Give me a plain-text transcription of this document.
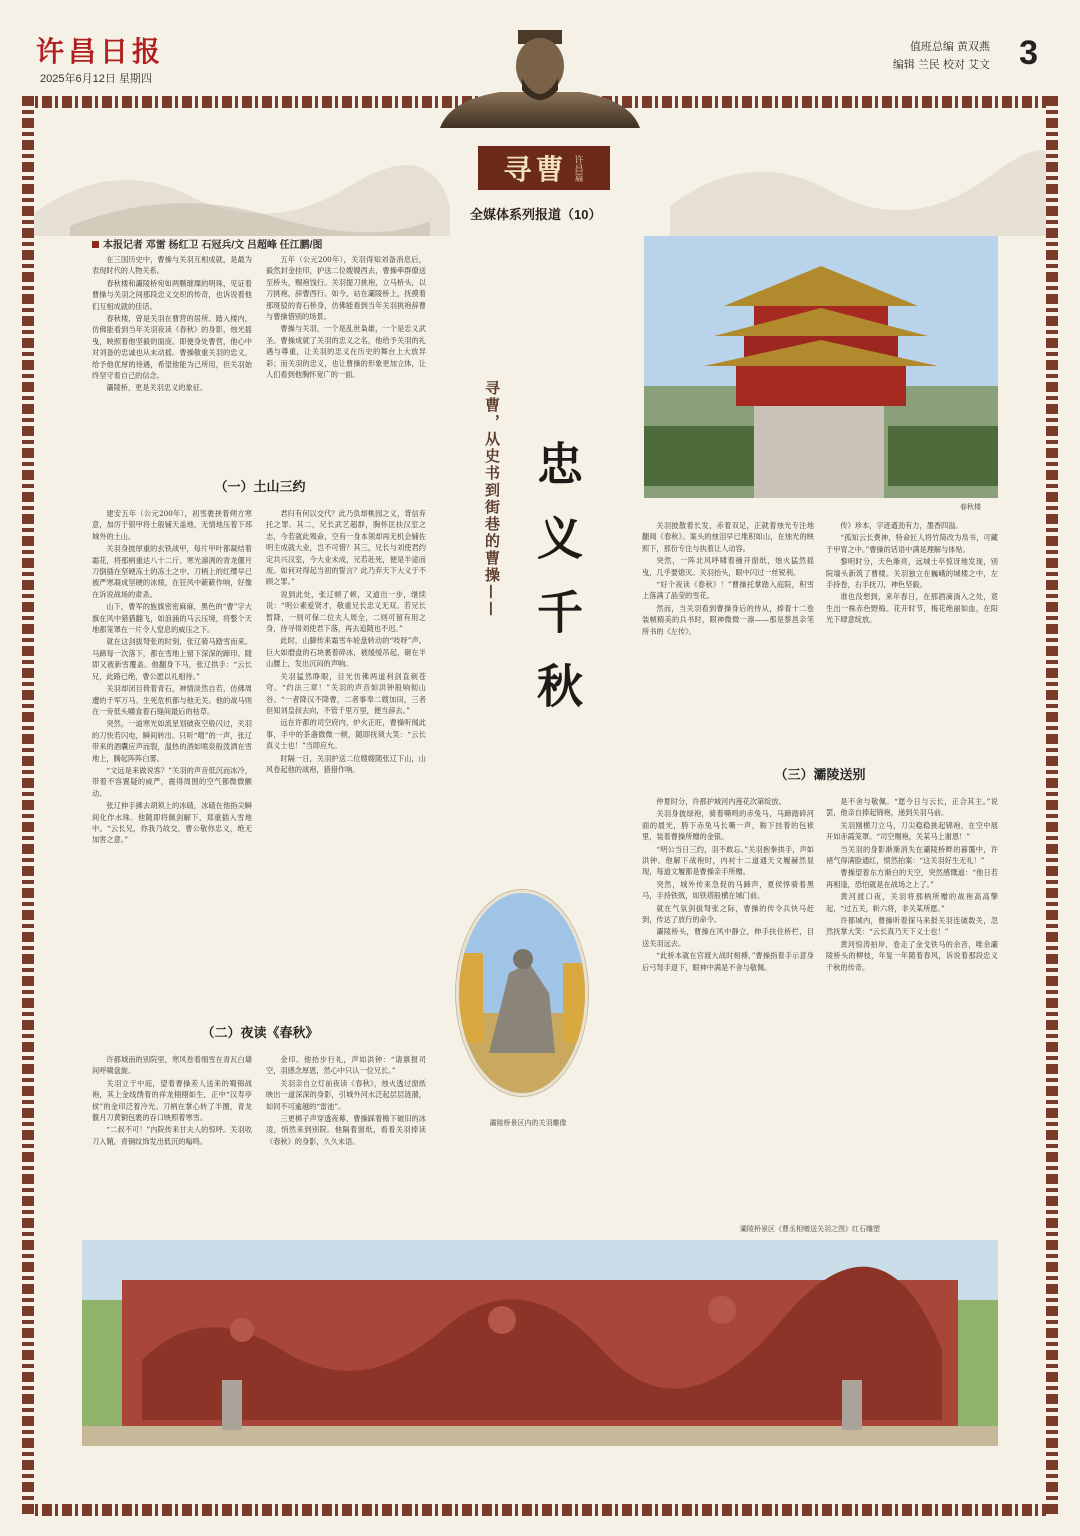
许昌日报
2025年6月12日 星期四
值班总编 黄双燕
编辑 兰民 校对 艾文 3
寻曹 许昌篇
全媒体系列报道（10）
本报记者 邓雷 杨红卫 石冠兵/文 吕超峰 任江鹏/图

在三国历史中，曹操与关羽互相成就，是最为表现时代的人物关系。

春秋楼和灞陵桥宛如两颗璀璨的明珠，见证着曹操与关羽之间那段忠义交织的传奇，也诉说着他们互相成就的佳话。

春秋楼，曾是关羽在曹营的居所。踏入楼内，仿佛能看到当年关羽夜读《春秋》的身影，烛光摇曳，映照着他坚毅的面庞。即便身处曹营，他心中对刘备的忠诚也从未动摇。曹操敬重关羽的忠义，给予他优厚的待遇，希望他能为己所用，但关羽始终坚守着自己的信念。

灞陵桥，更是关羽忠义的象征。

五年（公元200年），关羽得知刘备消息后，毅然封金挂印，护送二位嫂嫂西去，曹操率群僚送至桥头，赐袍饯行。关羽提刀挑袍，立马桥头，以刀挑袍，辞曹西行。如今，站在灞陵桥上，抚摸着那斑驳的青石桥身，仿佛能看到当年关羽挑袍辞曹与曹操惜别的场景。

曹操与关羽，一个是乱世枭雄，一个是忠义武圣。曹操成就了关羽的忠义之名，他给予关羽的礼遇与尊重，让关羽的忠义在历史的舞台上大放异彩；而关羽的忠义，也让曹操的形象更加立体，让人们看到他胸怀宽广的一面。

寻曹，从史书到街巷的曹操—— 忠义千秋
（一）土山三约

建安五年（公元200年），初雪裹挟着朔方寒意，加厉于银甲将士般铺天盖地，无情地压着下邳城外的土山。

关羽身披厚重的玄铁战甲，每片甲叶都凝结着霜花，将那柄重达八十二斤、寒光凛冽的青龙偃月刀倒插在坚硬冻土的冻土之中。刀柄上的红缨早已被严寒凝成坚硬的冰棱，在狂风中簌簌作响，好像在诉说战场的肃杀。

山下，曹军的旌旗密密麻麻，黑色的“曹”字大旗在风中猎猎翻飞，如浪涌的马云压境，将整个天地都笼罩在一片令人窒息的威压之下。

就在这剑拔弩张的时刻，张辽骑马踏雪而来。马蹄每一次落下，都在雪地上留下深深的蹄印。随即又被新雪覆盖。他翻身下马，张辽拱手：“云长兄，此路已绝，曹公愿以礼相待。”

关羽却闭目倚着青石，神情淡然自若，仿佛周遭的千军万马、生死危机都与他无关。他的战马则在一旁低头嚼食着石缝间最后的枯草。

突然，一道寒光如流星划破夜空般闪过，关羽的刀快若闪电，瞬间转出。只听“噌”的一声，张辽带来的酒囊应声而裂，温热的酒如喷泉般泼洒在雪地上，腾起阵阵白雾。

“文远是来做说客？”关羽的声音低沉而冰冷，带着不容置疑的威严，震得周围的空气都微微颤动。

张辽伸手拂去胡须上的冰碴，冰碴在他指尖瞬间化作水珠。他随即将佩剑解下，郑重插入雪地中。“云长兄，你我乃故交，曹公敬你忠义，绝无加害之意。”

君归有何以交代？此乃负却桃园之义，背信弃托之罪。其二，兄长武艺超群，胸怀匡扶汉室之志，今若就此殒命，空有一身本领却再无机会辅佐明主成就大业，岂不可惜？其三，兄长与刘使君约定共兴汉室，今大业未成，兄若赴死，便是半途而废。如何对得起当初的誓言？此乃弃天下大义于不顾之罪。”

说到此处，张辽顿了顿，又道出一步，继续说：“明公素爱贤才，敬重兄长忠义无双。若兄长暂降，一则可保二位夫人周全，二则可留有用之身，待寻得刘使君下落，再去追随也不迟。”

此时，山脚传来霜雪车轮盘转动的“吱呀”声。巨大如磨盘的石块裹着碎冰，被缓缓吊起，砸在半山腰上，发出沉闷的声响。

关羽猛然睁眼，目光仿佛两道利剑直刺苍穹。“约法三章！”关羽的声音如洪钟般响彻山谷。“一者降汉不降曹，二者事奉二嫂加田，三者但知刘皇叔去向，不管千里万里，便当辞去。”

远在许都的司空府内，炉火正旺，曹操听闻此事，手中的茶盏微微一顿，随即抚须大笑：“云长真义士也！”当即应允。

时隔一日，关羽护送二位嫂嫂随张辽下山，山风卷起他的战袍，猎猎作响。

（二）夜读《春秋》

许都城南的别院里，寒风卷着细雪在青瓦白墙间呼啸盘旋。

关羽立于中庭，望着曹操差人送来的蜀锦战袍，其上金线绣着的祥龙栩栩如生，正中“汉寿亭侯”的金印泛着冷光。刀柄在掌心转了半圈，青龙偃月刀黄铜包裹的吞口映照着寒雪。

“二叔不可！”内院传来甘夫人的惊呼。关羽收刀入鞘，青铜纹饰发出低沉的嗡鸣。

金印。他抬步行礼，声如洪钟：“请禀报司空，羽感念厚恩，然心中只认一位兄长。”

关羽亲自立灯前夜读《春秋》，烛火透过窗纸映出一道深深的身影，引城外河水泛起层层涟漪，如同不可逾越的“雷池”。

三更梆子声穿透夜幕，曹操踩着檐下破旧的冰凌，悄然来到别院。他隔着窗纸，看着关羽捧读《春秋》的身影，久久未语。

春秋楼

关羽披散着长发，赤着双足，正就着烛光专注地翻阅《春秋》。案头的烛泪早已堆积如山，在烛光的映照下，那份专注与执着让人动容。

突然，一阵北风呼啸着撞开窗纸，烛火猛然摇曳，几乎要熄灭。关羽抬头，眼中闪过一丝锐利。

“好个夜读《春秋》！”曹操托掌踏入庭院，积雪上落满了晶莹的雪花。

然而，当关羽看到曹操身后的侍从，捧着十二卷装帧精美的兵书时，眼神微微一凛——那是蔡邕亲笔所书的《左传》。

传》珍本，字迹遒劲有力，墨香四溢。

“孤知云长费神，特命匠人将竹简改为帛书，可藏于甲胄之中。”曹操的话语中满是理解与体贴。

黎明时分，天色渐亮，远城士卒惊讶地发现，别院墙头新筑了曹楼。关羽独立在巍峨的城楼之中，左手持卷，右手抚刀，神色坚毅。

谁也没想到，来年春日，在那酒滴淌入之处，竟生出一株赤色野梅。花开时节，梅花绝丽如血，在阳光下肆意绽放。

（三）灞陵送别

仲夏时分，许都护城河内莲花次第绽放。

关羽身披绿袍，骑着嘶鸣的赤兔马，马蹄踏碎河面的晨光，胯下赤兔马长嘶一声，鞍下挂着的包袱里，装着曹操所赠的金银。

“明公当日三约，羽不敢忘。”关羽抱拳拱手，声如洪钟。他解下战袍时，内衬十二道通天文履赫然显现，每道文履都是曹操亲手所赠。

突然，城外传来急促的马蹄声，夏侯惇骑着黑马，手持铁戟，如铁塔般横在城门前。

就在气氛剑拔弩张之际，曹操的传令兵快马赶到，传达了放行的命令。

灞陵桥头，曹操在风中静立，伸手扶住桥栏，目送关羽远去。

“此桥本就在官渡大战时相搏，”曹操指着手示意身后弓弩手退下，眼神中满是不舍与敬佩。

是不舍与敬佩。“愿今日与云长，正合其主。”说罢，他亲自捧起锦袍，递到关羽马前。

关羽刚横刀立马，刀尖稳稳挑起锦袍，在空中展开如赤霞笼罩。“司空赐袍，关某马上谢恩！”

当关羽的身影渐渐消失在灞陵桥畔的暮霭中，许褚气得满脸通红，愤然拍案：“这关羽好生无礼！”

曹操望着东方渐白的天空，突然感慨道：“他日若再相逢，恐怕就是在战场之上了。”

黄河渡口夜，关羽将那柄所赠的战袍高高擎起，“过五关，斩六将，非关某所愿。”

许都城内，曹操听着探马来报关羽连破数关，忽然抚掌大笑：“云长真乃天下义士也！”

黄河惊涛拍岸，卷走了金戈铁马的余音，唯余灞陵桥头的柳枝，年复一年随着春风，诉说着那段忠义千秋的传奇。

灞陵桥景区内的关羽雕像
灞陵桥景区《曹丞相赠送关羽之图》红石雕塑
